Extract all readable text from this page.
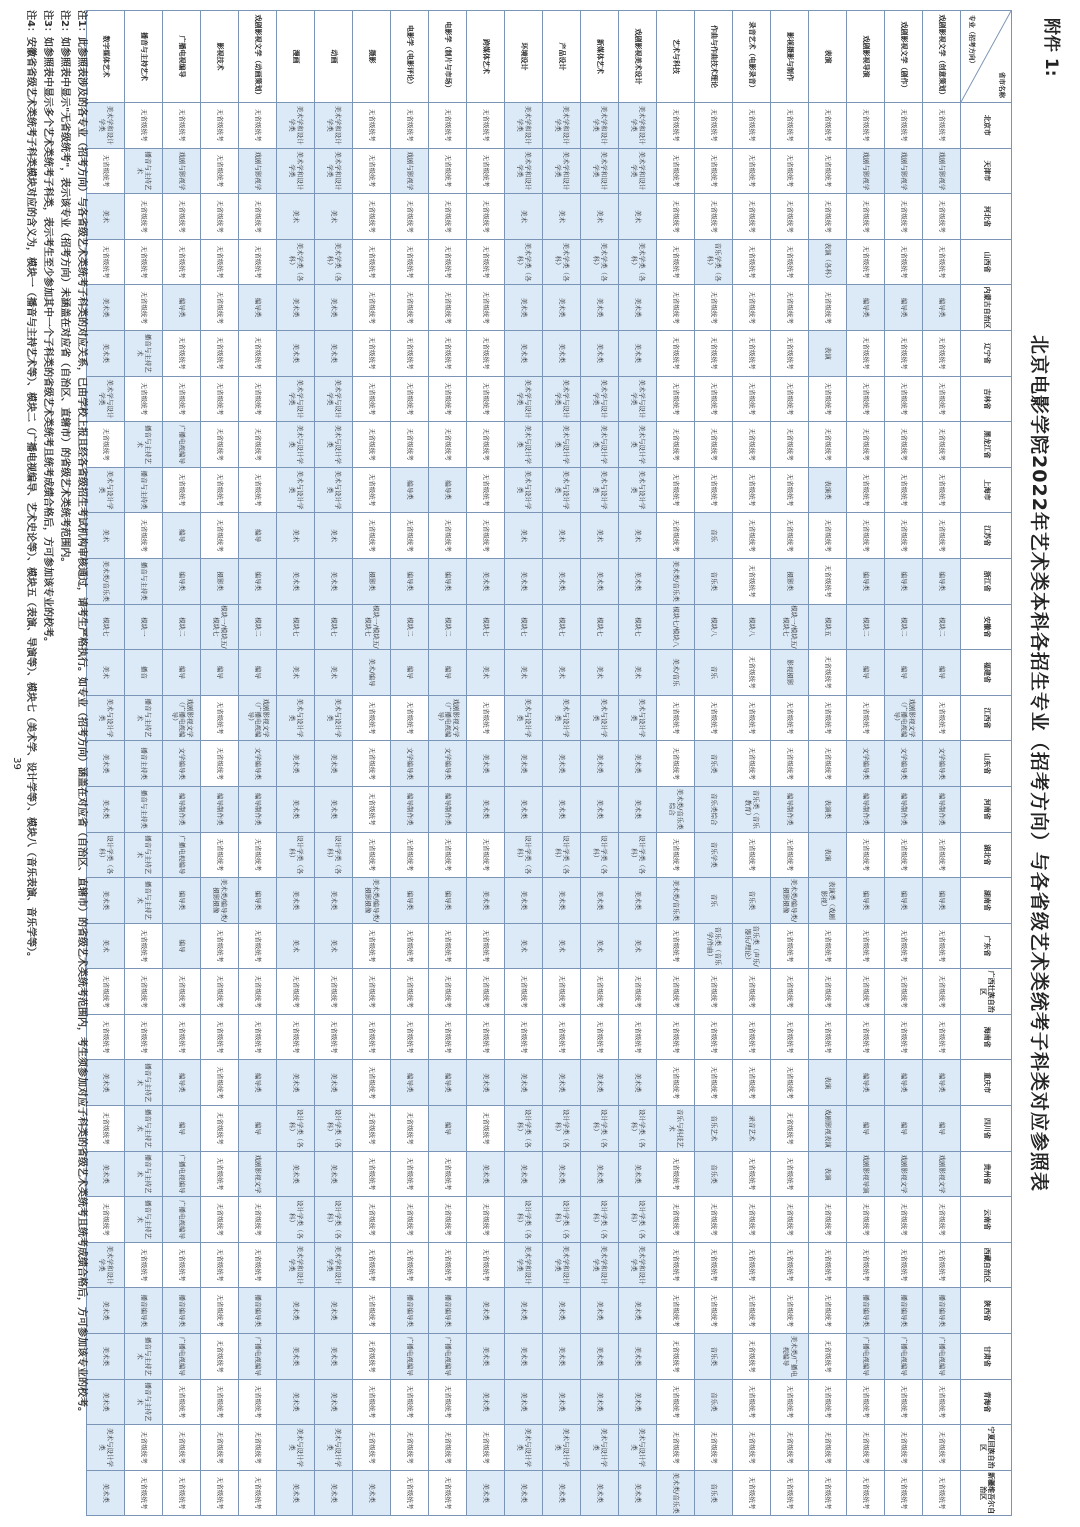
附件 1:
北京电影学院2022年艺术类本科各招生专业（招考方向）与各省级艺术类统考子科类对应参照表
省市名称
专业（招考方向）	北京市	天津市	河北省	山西省	内蒙古自治区	辽宁省	吉林省	黑龙江省	上海市	江苏省	浙江省	安徽省	福建省	江西省	山东省	河南省	湖北省	湖南省	广东省	广西壮族自治区	海南省	重庆市	四川省	贵州省	云南省	西藏自治区	陕西省	甘肃省	青海省	宁夏回族自治区	新疆维吾尔自治区
戏剧影视文学（创意策划）	无省级统考	戏剧与影视学	无省级统考	无省级统考	编导类	无省级统考	无省级统考	无省级统考	无省级统考	无省级统考	编导类	模块二	编导	无省级统考	文学编导类	编导制作类	无省级统考	编导类	无省级统考	无省级统考	无省级统考	编导类	编导	戏剧影视文学	无省级统考	无省级统考	播音编导类	广播电视编导	无省级统考	无省级统考	无省级统考
戏剧影视文学（剧作）	无省级统考	戏剧与影视学	无省级统考	无省级统考	编导类	无省级统考	无省级统考	无省级统考	无省级统考	无省级统考	编导类	模块二	编导	戏剧影视文学（广播电视编导）	文学编导类	编导制作类	无省级统考	编导类	无省级统考	无省级统考	无省级统考	编导类	编导	戏剧影视文学	无省级统考	无省级统考	播音编导类	广播电视编导	无省级统考	无省级统考	无省级统考
戏剧影视导演	无省级统考	戏剧与影视学	无省级统考	无省级统考	编导类	无省级统考	无省级统考	无省级统考	无省级统考	无省级统考	编导类	模块二	编导	无省级统考	文学编导类	编导制作类	无省级统考	编导类	无省级统考	无省级统考	无省级统考	编导类	编导	戏剧影视导演	无省级统考	无省级统考	播音编导类	广播电视编导	无省级统考	无省级统考	无省级统考
表演	无省级统考	无省级统考	无省级统考	表演（各科）	无省级统考	表演	无省级统考	无省级统考	表演类	无省级统考	无省级统考	模块五	无省级统考	无省级统考	无省级统考	表演类	表演	表演类（戏剧影视）	无省级统考	无省级统考	无省级统考	表演	戏剧影视表演	表演	无省级统考	无省级统考	无省级统考	无省级统考	无省级统考	无省级统考	无省级统考
影视摄影与制作	无省级统考	无省级统考	无省级统考	无省级统考	无省级统考	无省级统考	无省级统考	无省级统考	无省级统考	无省级统考	摄影类	模块一/模块五/模块七	影视摄影	无省级统考	无省级统考	编导制作类	无省级统考	美术类/编导类/摄影摄像	无省级统考	无省级统考	无省级统考	无省级统考	无省级统考	无省级统考	无省级统考	无省级统考	无省级统考	美术类/广播电视编导	无省级统考	无省级统考	无省级统考
录音艺术（电影录音）	无省级统考	无省级统考	无省级统考	无省级统考	无省级统考	无省级统考	无省级统考	无省级统考	无省级统考	无省级统考	无省级统考	模块八	无省级统考	无省级统考	无省级统考	音乐类（音乐教育）	无省级统考	音乐类	音乐类（声乐/器乐/理论）	无省级统考	无省级统考	无省级统考	录音艺术	无省级统考	无省级统考	无省级统考	无省级统考	无省级统考	无省级统考	无省级统考	无省级统考
作曲与作曲技术理论	无省级统考	无省级统考	无省级统考	音乐学类（各科）	无省级统考	无省级统考	无省级统考	无省级统考	无省级统考	音乐	音乐类	模块八	音乐	无省级统考	音乐类	音乐类综合	音乐学类	音乐	音乐类（音乐学/作曲）	无省级统考	无省级统考	无省级统考	音乐艺术	音乐类	无省级统考	无省级统考	无省级统考	音乐类	音乐类	无省级统考	音乐类
艺术与科技	无省级统考	无省级统考	无省级统考	无省级统考	无省级统考	无省级统考	无省级统考	无省级统考	无省级统考	无省级统考	美术类/音乐类	模块七/模块八	美术/音乐	无省级统考	无省级统考	美术类/音乐类综合	无省级统考	美术类/音乐类	无省级统考	无省级统考	无省级统考	无省级统考	音乐与科技艺术	无省级统考	无省级统考	无省级统考	无省级统考	无省级统考	无省级统考	无省级统考	美术类/音乐类
戏剧影视美术设计	美术学和设计学类	美术学和设计学类	美术	美术学类（各科）	美术类	美术类	美术学与设计学类	美术与设计学类	美术与设计学类	美术	美术类	模块七	美术	美术与设计学类	美术类	美术类	设计学类（各科）	美术类	美术	无省级统考	无省级统考	美术类	设计学类（各科）	美术类	设计学类（各科）	美术学和设计学类	美术类	美术类	美术类	美术与设计学类	美术类
新媒体艺术	美术学和设计学类	美术学和设计学类	美术	美术学类（各科）	美术类	美术类	美术学与设计学类	美术与设计学类	美术与设计学类	美术	美术类	模块七	美术	美术与设计学类	美术类	美术类	设计学类（各科）	美术类	美术	无省级统考	无省级统考	美术类	设计学类（各科）	美术类	设计学类（各科）	美术学和设计学类	美术类	美术类	美术类	美术与设计学类	美术类
产品设计	美术学和设计学类	美术学和设计学类	美术	美术学类（各科）	美术类	美术类	美术学与设计学类	美术与设计学类	美术与设计学类	美术	美术类	模块七	美术	美术与设计学类	美术类	美术类	设计学类（各科）	美术类	美术	无省级统考	无省级统考	美术类	设计学类（各科）	美术类	设计学类（各科）	美术学和设计学类	美术类	美术类	美术类	美术与设计学类	美术类
环境设计	美术学和设计学类	美术学和设计学类	美术	美术学类（各科）	美术类	美术类	美术学与设计学类	美术与设计学类	美术与设计学类	美术	美术类	模块七	美术	美术与设计学类	美术类	美术类	设计学类（各科）	美术类	美术	无省级统考	无省级统考	美术类	设计学类（各科）	美术类	设计学类（各科）	美术学和设计学类	美术类	美术类	美术类	美术与设计学类	美术类
跨媒体艺术	无省级统考	无省级统考	无省级统考	无省级统考	无省级统考	无省级统考	无省级统考	无省级统考	无省级统考	无省级统考	美术类	模块七	美术	无省级统考	美术类	美术类	无省级统考	美术类	无省级统考	无省级统考	无省级统考	美术类	无省级统考	美术类	无省级统考	无省级统考	美术类	美术类	美术类	无省级统考	美术类
电影学（制片与市场）	无省级统考	无省级统考	无省级统考	无省级统考	无省级统考	无省级统考	无省级统考	无省级统考	编导类	无省级统考	编导类	模块二	编导	戏剧影视文学（广播电视编导）	文学编导类	编导制作类	无省级统考	编导类	无省级统考	无省级统考	无省级统考	编导类	编导	无省级统考	无省级统考	无省级统考	播音编导类	广播电视编导	无省级统考	无省级统考	无省级统考
电影学（电影评论）	无省级统考	戏剧与影视学	无省级统考	无省级统考	无省级统考	无省级统考	无省级统考	无省级统考	编导类	无省级统考	编导类	模块二	编导	无省级统考	文学编导类	编导制作类	无省级统考	编导类	无省级统考	无省级统考	无省级统考	编导类	无省级统考	无省级统考	无省级统考	无省级统考	播音编导类	广播电视编导	无省级统考	无省级统考	无省级统考
摄影	无省级统考	无省级统考	无省级统考	无省级统考	无省级统考	无省级统考	无省级统考	无省级统考	无省级统考	无省级统考	摄影类	模块一/模块五/模块七	美术/编导	无省级统考	无省级统考	无省级统考	无省级统考	美术类/编导类/摄影摄像	无省级统考	无省级统考	无省级统考	无省级统考	无省级统考	无省级统考	无省级统考	无省级统考	无省级统考	无省级统考	无省级统考	无省级统考	美术类
动画	美术学和设计学类	美术学和设计学类	美术	美术学类（各科）	美术类	美术类	美术学与设计学类	美术与设计学类	美术与设计学类	美术	美术类	模块七	美术	美术与设计学类	美术类	美术类	设计学类（各科）	美术类	美术	无省级统考	无省级统考	美术类	设计学类（各科）	美术类	设计学类（各科）	美术学和设计学类	美术类	美术类	美术类	美术与设计学类	美术类
漫画	美术学和设计学类	美术学和设计学类	美术	美术学类（各科）	美术类	美术类	美术学与设计学类	美术与设计学类	美术与设计学类	美术	美术类	模块七	美术	美术与设计学类	美术类	美术类	设计学类（各科）	美术类	美术	无省级统考	无省级统考	美术类	设计学类（各科）	美术类	设计学类（各科）	美术学和设计学类	美术类	美术类	美术类	美术与设计学类	美术类
戏剧影视文学（动画策划）	无省级统考	戏剧与影视学	无省级统考	无省级统考	编导类	无省级统考	无省级统考	无省级统考	无省级统考	编导	编导类	模块二	编导	戏剧影视文学（广播电视编导）	文学编导类	编导制作类	无省级统考	编导类	无省级统考	无省级统考	无省级统考	编导类	编导	戏剧影视文学	无省级统考	无省级统考	播音编导类	广播电视编导	无省级统考	无省级统考	无省级统考
影视技术	无省级统考	无省级统考	无省级统考	无省级统考	无省级统考	无省级统考	无省级统考	无省级统考	无省级统考	无省级统考	摄影类	模块一/模块五/模块七	编导	无省级统考	无省级统考	编导制作类	无省级统考	美术类/编导类/摄影摄像	无省级统考	无省级统考	无省级统考	无省级统考	无省级统考	无省级统考	无省级统考	无省级统考	无省级统考	无省级统考	无省级统考	无省级统考	无省级统考
广播电视编导	无省级统考	戏剧与影视学	无省级统考	无省级统考	编导类	无省级统考	无省级统考	广播电视编导	无省级统考	编导	编导类	模块二	编导	戏剧影视文学（广播电视编导）	文学编导类	编导制作类	广播电视编导	编导类	编导	无省级统考	无省级统考	编导类	编导	广播电视编导	广播电视编导	无省级统考	播音编导类	广播电视编导	无省级统考	无省级统考	无省级统考
播音与主持艺术	无省级统考	播音与主持艺术	无省级统考	无省级统考	无省级统考	播音与主持艺术	无省级统考	播音与主持艺术	播音与主持类	无省级统考	播音与主持类	模块一	播音	播音与主持艺术	播音主持类	播音与主持类	播音与主持艺术	播音与主持艺术	无省级统考	无省级统考	无省级统考	播音与主持艺术	播音与主持艺术	播音与主持艺术	播音与主持艺术	无省级统考	播音编导类	播音与主持艺术	播音与主持艺术	无省级统考	无省级统考
数字媒体艺术	美术学和设计学类	无省级统考	美术	无省级统考	美术类	美术类	美术学与设计学类	无省级统考	美术与设计学类	美术	美术类/音乐类	模块七	美术	美术与设计学类	美术类	美术类	设计学类（各科）	美术类	美术	无省级统考	无省级统考	美术类	无省级统考	美术类	无省级统考	美术学和设计学类	美术类	美术类	美术类	美术与设计学类	美术类
注1：此参照表涉及的各专业（招考方向）与各省级艺术类统考子科类的对应关系，已由学校上报且经各省级招生考试机构审核通过，请考生严格执行。如专业（招考方向）涵盖在对应省（自治区、直辖市）的省级艺术类统考范围内，考生须参加对应子科类的省级艺术类统考且统考成绩合格后，方可参加该专业的校考。
注2：如参照表中显示"无省级统考"，表示该专业（招考方向）未涵盖在对应省（自治区、直辖市）的省级艺术类统考范围内。
注3：如参照表中显示多个艺术类统考子科类，表示考生至少参加其中一个子科类的省级艺术类统考且统考成绩合格后，方可参加该专业的校考。
注4：安徽省省级艺术类统考子科类模块对应的含义为，模块一（播音与主持艺术等）、模块二（广播电视编导、艺术史论等）、模块五（表演、导演等）、模块七（美术学、设计学等）、模块八（音乐表演、音乐学等）。
39
